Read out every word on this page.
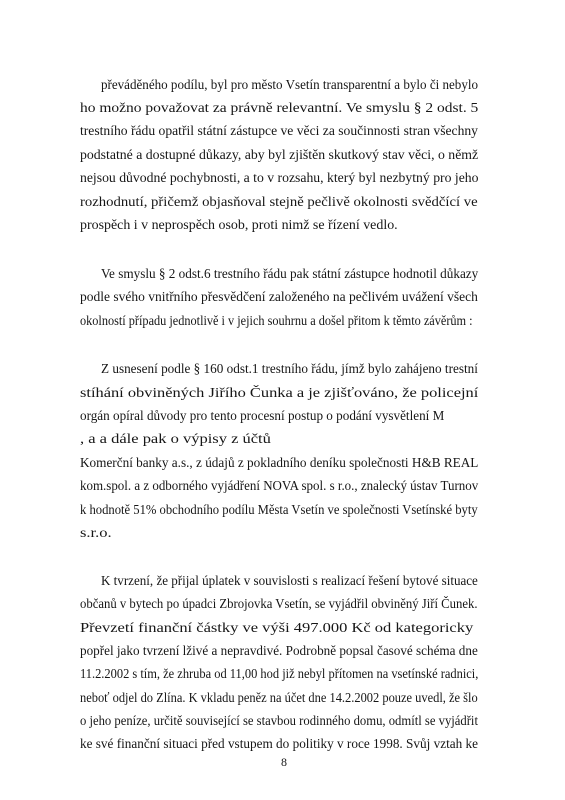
převáděného podílu, byl pro město Vsetín transparentní a bylo či nebylo
ho možno považovat za právně relevantní. Ve smyslu § 2 odst. 5
trestního řádu opatřil státní zástupce ve věci za součinnosti stran všechny
podstatné a dostupné důkazy, aby byl zjištěn skutkový stav věci, o němž
nejsou důvodné pochybnosti, a to v rozsahu, který byl nezbytný pro jeho
rozhodnutí, přičemž objasňoval stejně pečlivě okolnosti svědčící ve
prospěch i v neprospěch osob, proti nimž se řízení vedlo.
Ve smyslu § 2 odst.6 trestního řádu pak státní zástupce hodnotil důkazy
podle svého vnitřního přesvědčení založeného na pečlivém uvážení všech
okolností případu jednotlivě i v jejich souhrnu a došel přitom k těmto závěrům :
Z usnesení podle § 160 odst.1 trestního řádu, jímž bylo zahájeno trestní
stíhání obviněných Jiřího Čunka a je zjišťováno, že policejní
orgán opíral důvody pro tento procesní postup o podání vysvětlení M
, a a dále pak o výpisy z účtů
Komerční banky a.s., z údajů z pokladního deníku společnosti H&B REAL
kom.spol. a z odborného vyjádření NOVA spol. s r.o., znalecký ústav Turnov
k hodnotě 51% obchodního podílu Města Vsetín ve společnosti Vsetínské byty
s.r.o.
K tvrzení, že přijal úplatek v souvislosti s realizací řešení bytové situace
občanů v bytech po úpadci Zbrojovka Vsetín, se vyjádřil obviněný Jiří Čunek.
Převzetí finanční částky ve výši 497.000 Kč od kategoricky
popřel jako tvrzení lživé a nepravdivé. Podrobně popsal časové schéma dne
11.2.2002 s tím, že zhruba od 11,00 hod již nebyl přítomen na vsetínské radnici,
neboť odjel do Zlína. K vkladu peněz na účet dne 14.2.2002 pouze uvedl, že šlo
o jeho peníze, určitě související se stavbou rodinného domu, odmítl se vyjádřit
ke své finanční situaci před vstupem do politiky v roce 1998. Svůj vztah ke
8
